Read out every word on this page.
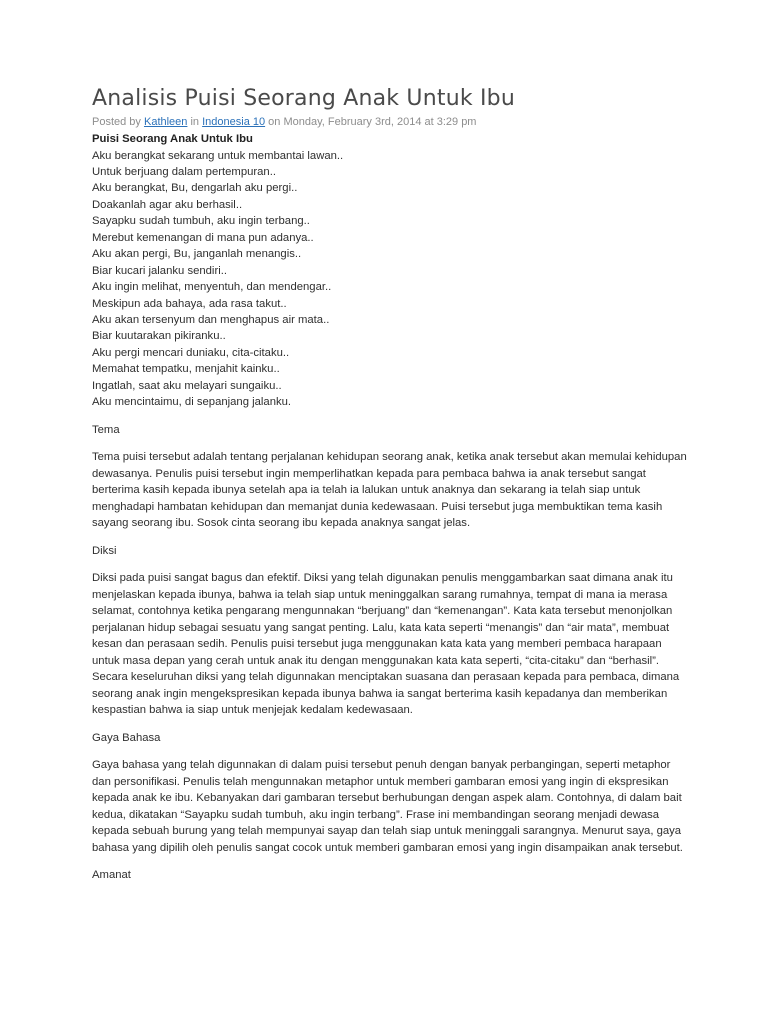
Analisis Puisi Seorang Anak Untuk Ibu
Posted by Kathleen in Indonesia 10 on Monday, February 3rd, 2014 at 3:29 pm
Puisi Seorang Anak Untuk Ibu
Aku berangkat sekarang untuk membantai lawan..
Untuk berjuang dalam pertempuran..
Aku berangkat, Bu, dengarlah aku pergi..
Doakanlah agar aku berhasil..
Sayapku sudah tumbuh, aku ingin terbang..
Merebut kemenangan di mana pun adanya..
Aku akan pergi, Bu, janganlah menangis..
Biar kucari jalanku sendiri..
Aku ingin melihat, menyentuh, dan mendengar..
Meskipun ada bahaya, ada rasa takut..
Aku akan tersenyum dan menghapus air mata..
Biar kuutarakan pikiranku..
Aku pergi mencari duniaku, cita-citaku..
Memahat tempatku, menjahit kainku..
Ingatlah, saat aku melayari sungaiku..
Aku mencintaimu, di sepanjang jalanku.
Tema
Tema puisi tersebut adalah tentang perjalanan kehidupan seorang anak, ketika anak tersebut akan memulai kehidupan dewasanya. Penulis puisi tersebut ingin memperlihatkan kepada para pembaca bahwa ia anak tersebut sangat berterima kasih kepada ibunya setelah apa ia telah ia lalukan untuk anaknya dan sekarang ia telah siap untuk menghadapi hambatan kehidupan dan memanjat dunia kedewasaan. Puisi tersebut juga membuktikan tema kasih sayang seorang ibu. Sosok cinta seorang ibu kepada anaknya sangat jelas.
Diksi
Diksi pada puisi sangat bagus dan efektif. Diksi yang telah digunakan penulis menggambarkan saat dimana anak itu menjelaskan kepada ibunya, bahwa ia telah siap untuk meninggalkan sarang rumahnya, tempat di mana ia merasa selamat, contohnya ketika pengarang mengunnakan “berjuang” dan “kemenangan”. Kata kata tersebut menonjolkan perjalanan hidup sebagai sesuatu yang sangat penting. Lalu, kata kata seperti “menangis” dan “air mata”, membuat kesan dan perasaan sedih. Penulis puisi tersebut juga menggunakan kata kata yang memberi pembaca harapaan untuk masa depan yang cerah untuk anak itu dengan menggunakan kata kata seperti, “cita-citaku” dan “berhasil”. Secara keseluruhan diksi yang telah digunnakan menciptakan suasana dan perasaan kepada para pembaca, dimana seorang anak ingin mengekspresikan kepada ibunya bahwa ia sangat berterima kasih kepadanya dan memberikan kespastian bahwa ia siap untuk menjejak kedalam kedewasaan.
Gaya Bahasa
Gaya bahasa yang telah digunnakan di dalam puisi tersebut penuh dengan banyak perbangingan, seperti metaphor dan personifikasi. Penulis telah mengunnakan metaphor untuk memberi gambaran emosi yang ingin di ekspresikan kepada anak ke ibu. Kebanyakan dari gambaran tersebut berhubungan dengan aspek alam. Contohnya, di dalam bait kedua, dikatakan “Sayapku sudah tumbuh, aku ingin terbang”. Frase ini membandingan seorang menjadi dewasa kepada sebuah burung yang telah mempunyai sayap dan telah siap untuk meninggali sarangnya. Menurut saya, gaya bahasa yang dipilih oleh penulis sangat cocok untuk memberi gambaran emosi yang ingin disampaikan anak tersebut.
Amanat
